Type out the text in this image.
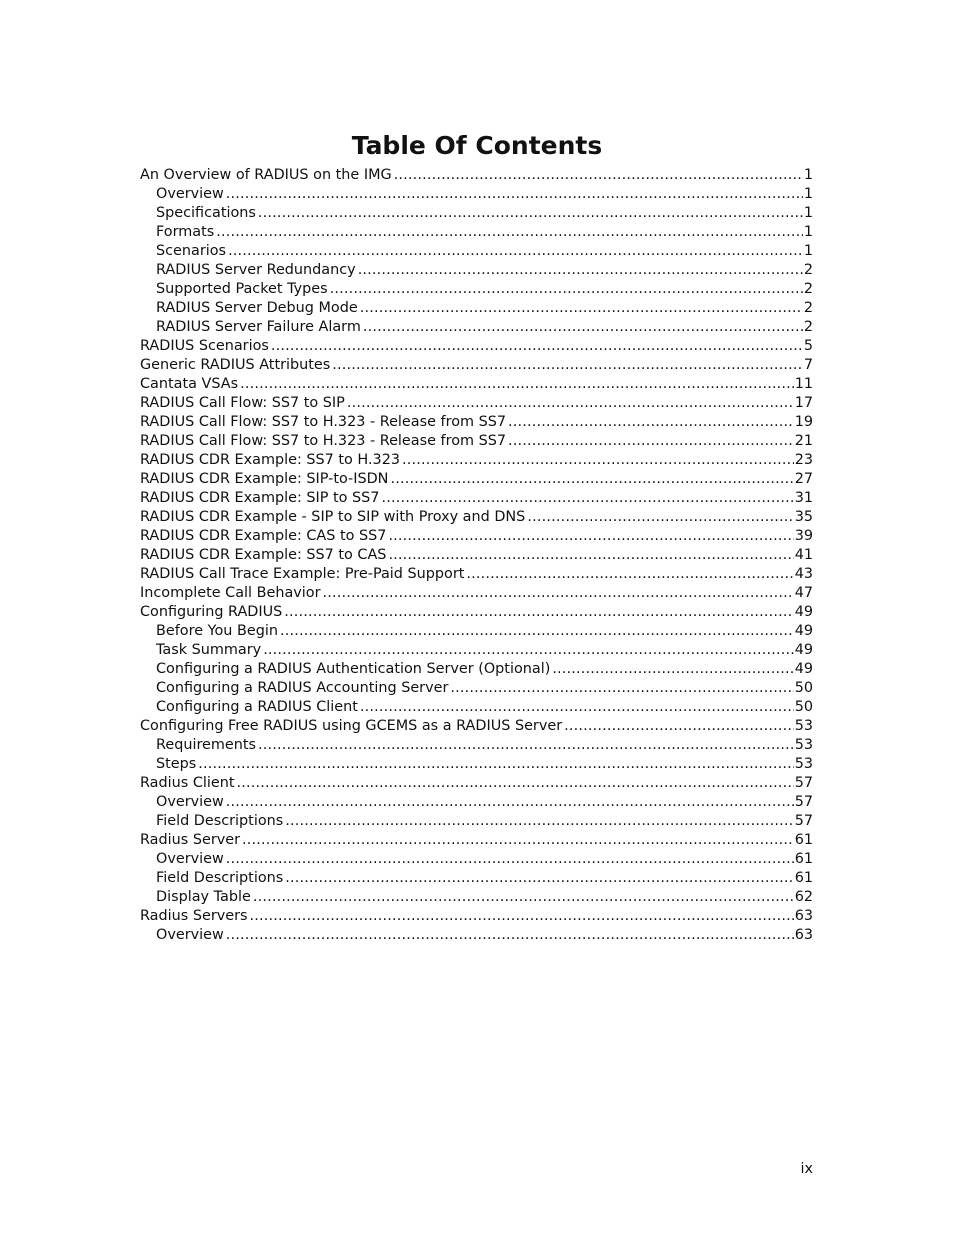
Table Of Contents
An Overview of RADIUS on the IMG . . .	1
Overview . . .	1
Specifications . . .	1
Formats . . .	1
Scenarios . . .	1
RADIUS Server Redundancy . . .	2
Supported Packet Types . . .	2
RADIUS Server Debug Mode . . .	2
RADIUS Server Failure Alarm . . .	2
RADIUS Scenarios . . .	5
Generic RADIUS Attributes . . .	7
Cantata VSAs . . .	11
RADIUS Call Flow: SS7 to SIP . . .	17
RADIUS Call Flow: SS7 to H.323 - Release from SS7 . . .	19
RADIUS Call Flow: SS7 to H.323 - Release from SS7 . . .	21
RADIUS CDR Example: SS7 to H.323 . . .	23
RADIUS CDR Example: SIP-to-ISDN . . .	27
RADIUS CDR Example: SIP to SS7 . . .	31
RADIUS CDR Example - SIP to SIP with Proxy and DNS . . .	35
RADIUS CDR Example: CAS to SS7 . . .	39
RADIUS CDR Example: SS7 to CAS . . .	41
RADIUS Call Trace Example: Pre-Paid Support . . .	43
Incomplete Call Behavior . . .	47
Configuring RADIUS . . .	49
Before You Begin . . .	49
Task Summary . . .	49
Configuring a RADIUS Authentication Server (Optional) . . .	49
Configuring a RADIUS Accounting Server . . .	50
Configuring a RADIUS Client . . .	50
Configuring Free RADIUS using GCEMS as a RADIUS Server . . .	53
Requirements . . .	53
Steps . . .	53
Radius Client . . .	57
Overview . . .	57
Field Descriptions . . .	57
Radius Server . . .	61
Overview . . .	61
Field Descriptions . . .	61
Display Table . . .	62
Radius Servers . . .	63
Overview . . .	63
ix
